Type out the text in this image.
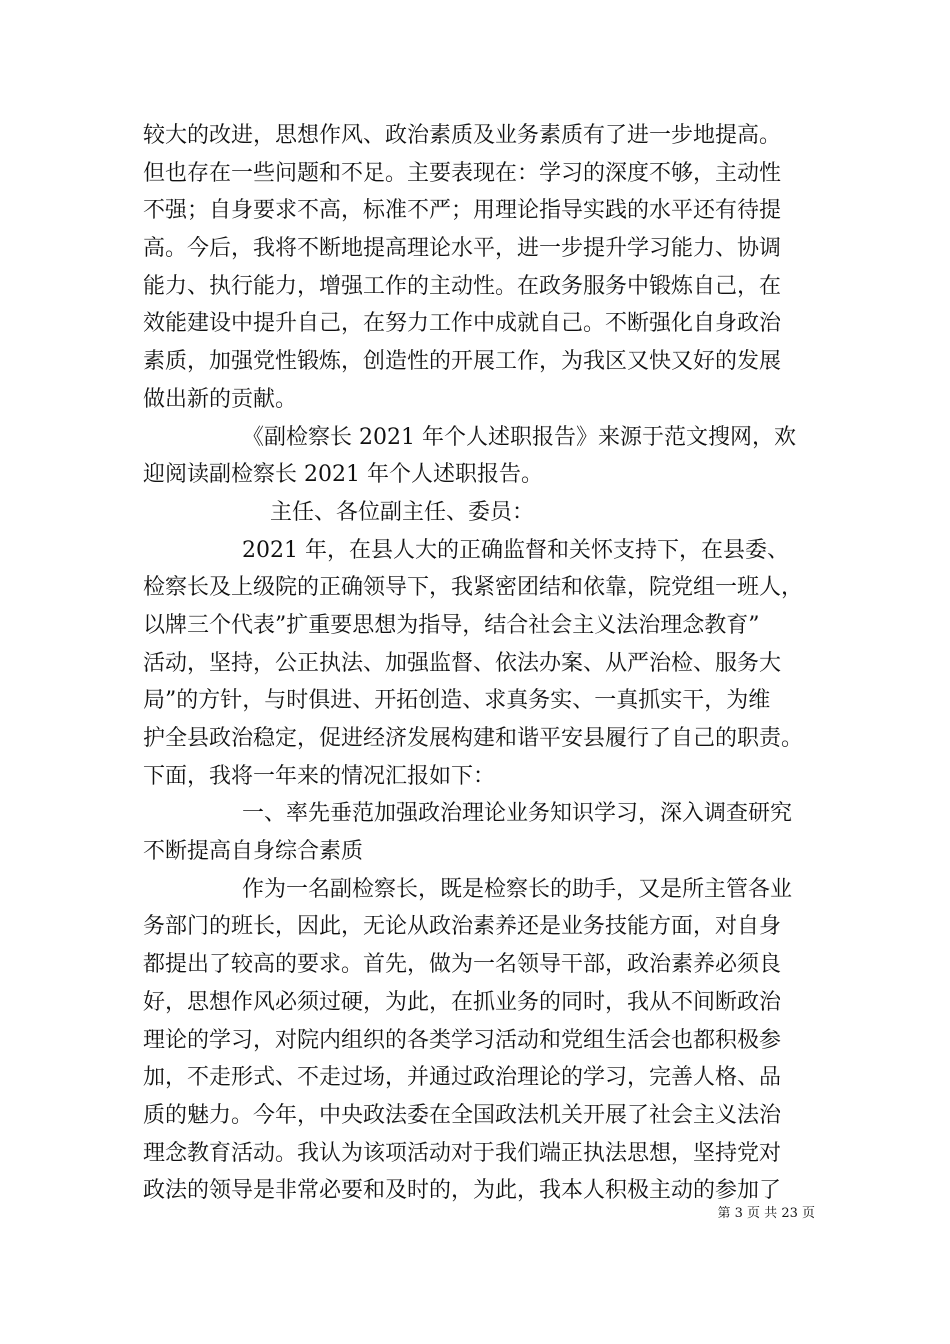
较大的改进，思想作风、政治素质及业务素质有了进一步地提高。
但也存在一些问题和不足。主要表现在：学习的深度不够，主动性
不强；自身要求不高，标准不严；用理论指导实践的水平还有待提
高。今后，我将不断地提高理论水平，进一步提升学习能力、协调
能力、执行能力，增强工作的主动性。在政务服务中锻炼自己，在
效能建设中提升自己，在努力工作中成就自己。不断强化自身政治
素质，加强党性锻炼，创造性的开展工作，为我区又快又好的发展
做出新的贡献。
《副检察长 2021 年个人述职报告》来源于范文搜网，欢
迎阅读副检察长 2021 年个人述职报告。
主任、各位副主任、委员：
2021 年，在县人大的正确监督和关怀支持下，在县委、
检察长及上级院的正确领导下，我紧密团结和依靠，院党组一班人，
以牌三个代表”扩重要思想为指导，结合社会主义法治理念教育”
活动，坚持，公正执法、加强监督、依法办案、从严治检、服务大
局”的方针，与时俱进、开拓创造、求真务实、一真抓实干，为维
护全县政治稳定，促进经济发展构建和谐平安县履行了自己的职责。
下面，我将一年来的情况汇报如下：
一、率先垂范加强政治理论业务知识学习，深入调查研究
不断提高自身综合素质
作为一名副检察长，既是检察长的助手，又是所主管各业
务部门的班长，因此，无论从政治素养还是业务技能方面，对自身
都提出了较高的要求。首先，做为一名领导干部，政治素养必须良
好，思想作风必须过硬，为此，在抓业务的同时，我从不间断政治
理论的学习，对院内组织的各类学习活动和党组生活会也都积极参
加，不走形式、不走过场，并通过政治理论的学习，完善人格、品
质的魅力。今年，中央政法委在全国政法机关开展了社会主义法治
理念教育活动。我认为该项活动对于我们端正执法思想，坚持党对
政法的领导是非常必要和及时的，为此，我本人积极主动的参加了
第 3 页 共 23 页
